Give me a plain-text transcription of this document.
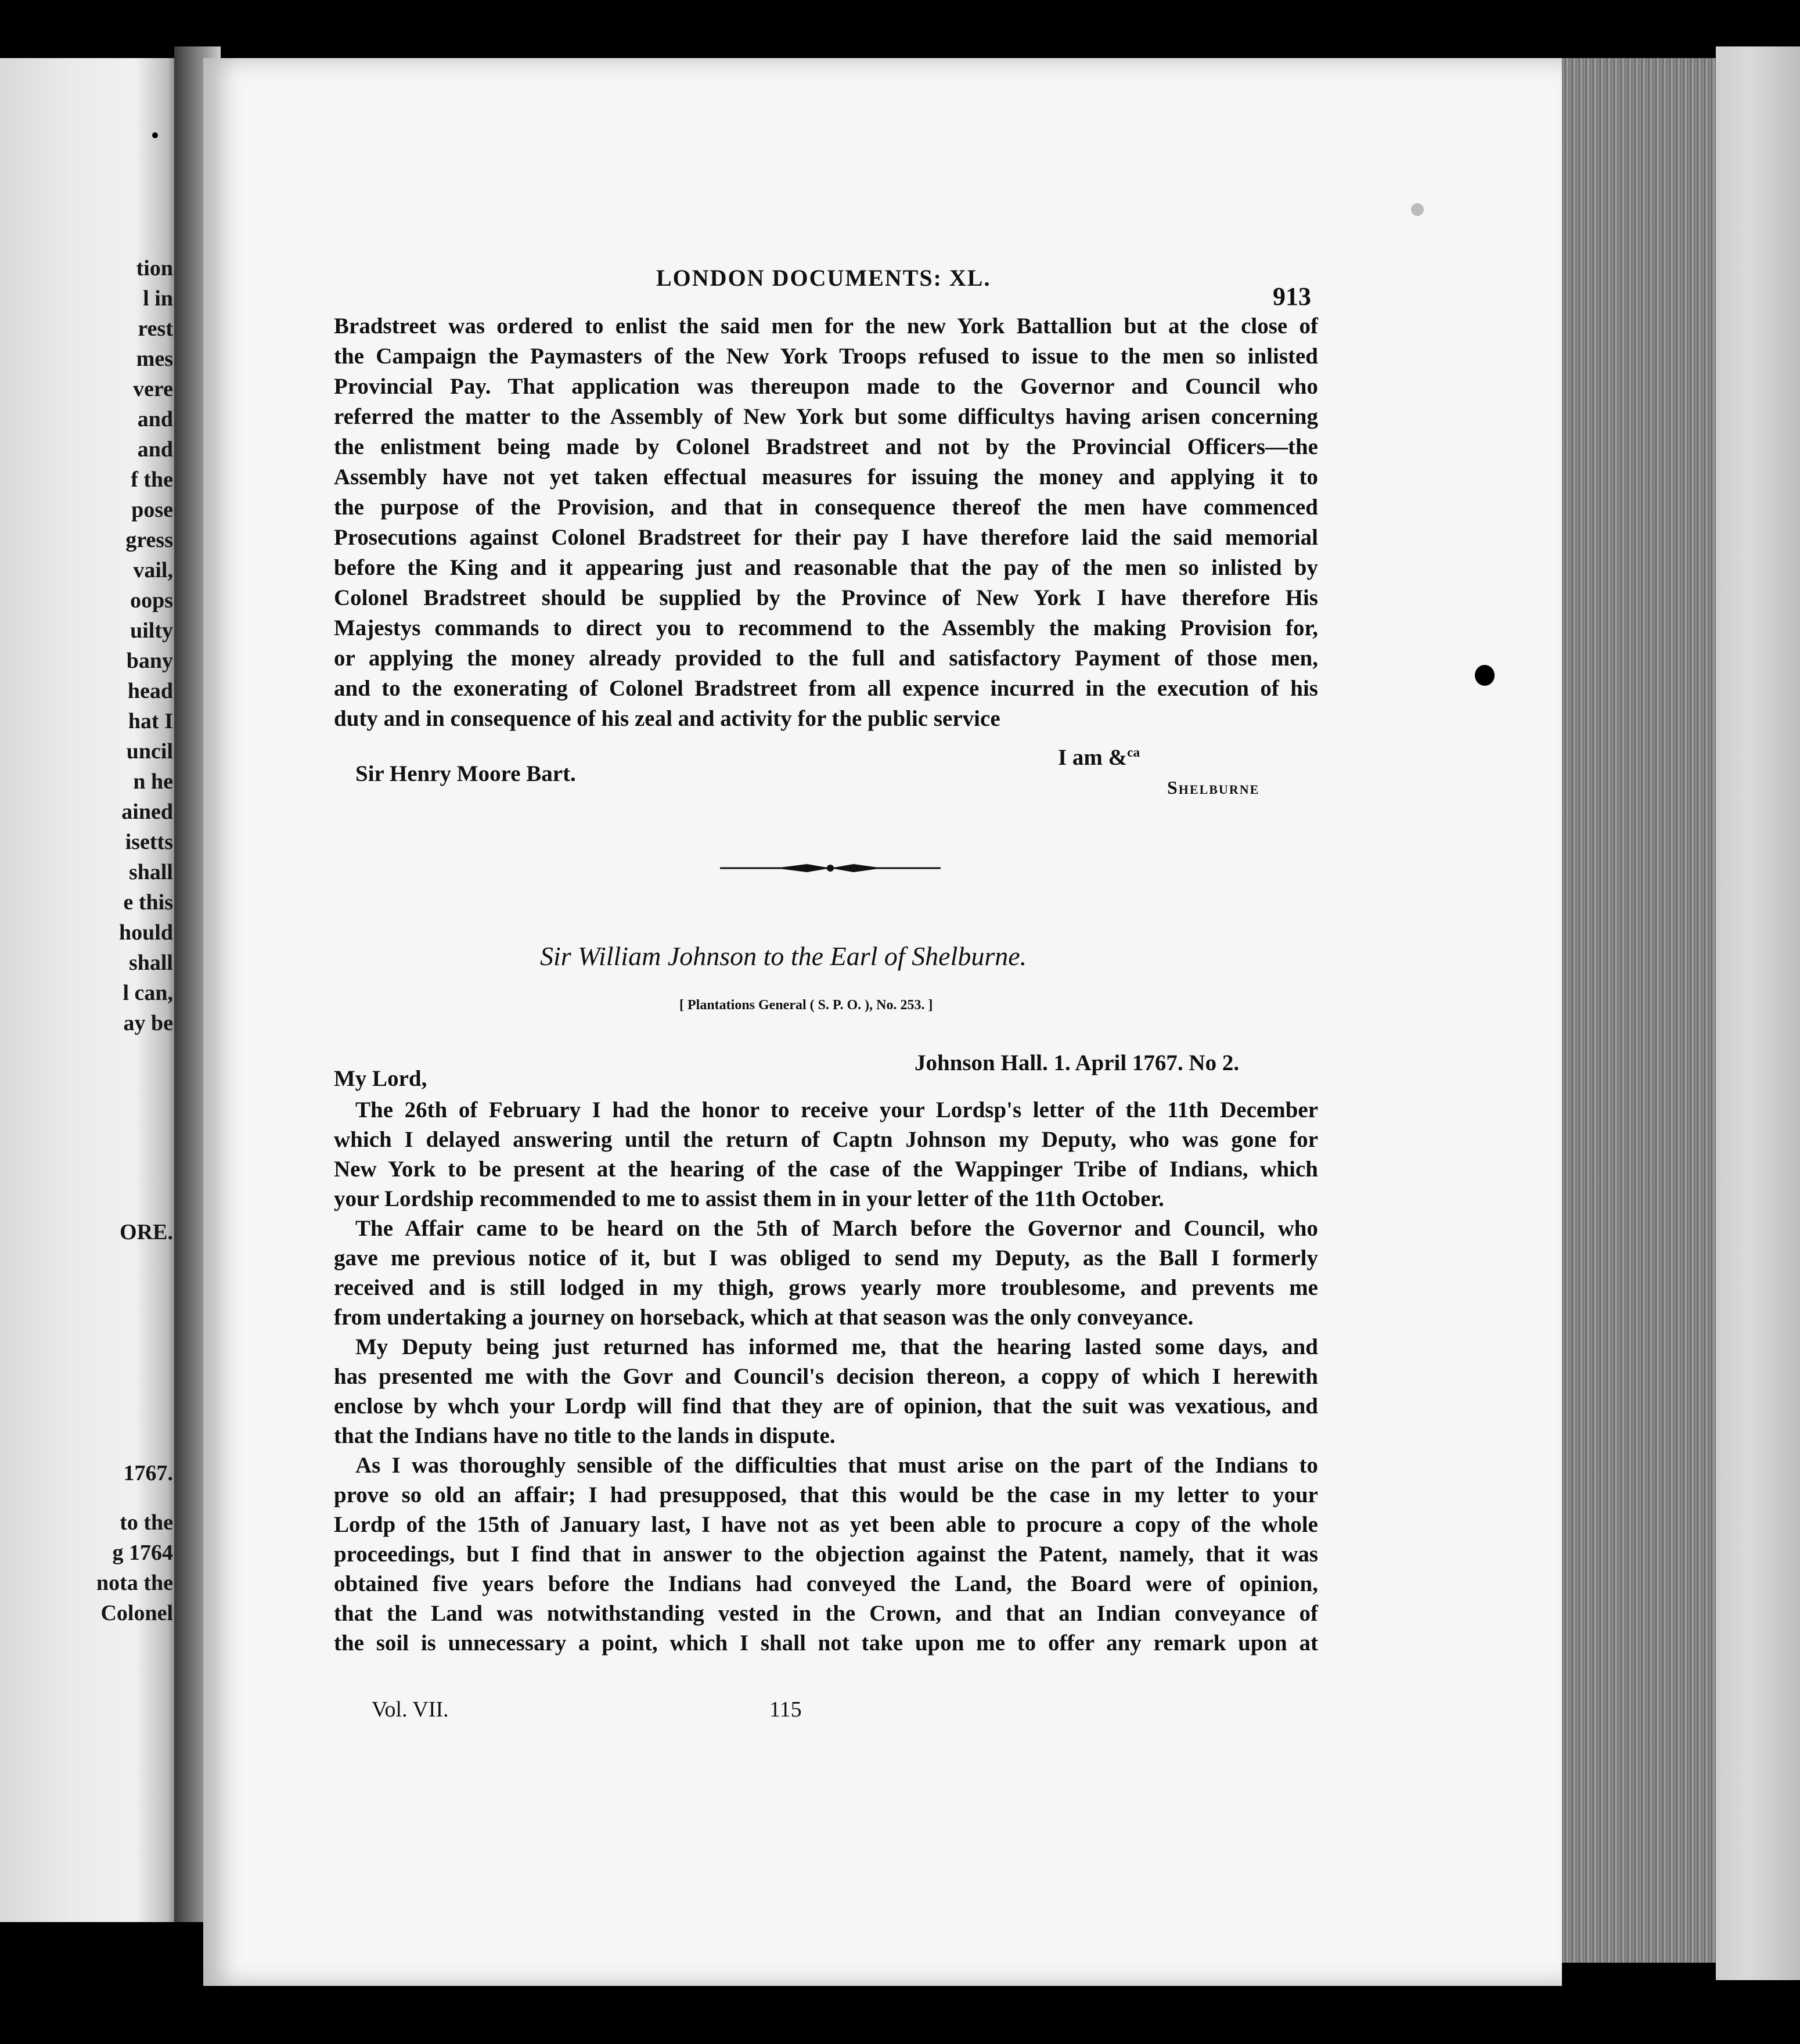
tion
l in
rest
mes
vere
and
and
f the
pose
gress
vail,
oops
uilty
bany
head
hat I
uncil
n he
ained
isetts
shall
e this
hould
shall
l can,
ay be
ORE.
1767.
to the
g 1764
nota the
Colonel
LONDON DOCUMENTS: XL.
913
Bradstreet was ordered to enlist the said men for the new York Battallion but at the close of
the Campaign the Paymasters of the New York Troops refused to issue to the men so inlisted
Provincial Pay. That application was thereupon made to the Governor and Council who
referred the matter to the Assembly of New York but some difficultys having arisen concerning
the enlistment being made by Colonel Bradstreet and not by the Provincial Officers—the
Assembly have not yet taken effectual measures for issuing the money and applying it to
the purpose of the Provision, and that in consequence thereof the men have commenced
Prosecutions against Colonel Bradstreet for their pay I have therefore laid the said memorial
before the King and it appearing just and reasonable that the pay of the men so inlisted by
Colonel Bradstreet should be supplied by the Province of New York I have therefore His
Majestys commands to direct you to recommend to the Assembly the making Provision for,
or applying the money already provided to the full and satisfactory Payment of those men,
and to the exonerating of Colonel Bradstreet from all expence incurred in the execution of his
duty and in consequence of his zeal and activity for the public service
I am &$^{ca}$
Sir Henry Moore Bart.
Shelburne
Sir William Johnson to the Earl of Shelburne.
[ Plantations General ( S. P. O. ), No. 253. ]
Johnson Hall. 1. April 1767. No 2.
My Lord,
The 26th of February I had the honor to receive your Lordsp's letter of the 11th December
which I delayed answering until the return of Captn Johnson my Deputy, who was gone for
New York to be present at the hearing of the case of the Wappinger Tribe of Indians, which
your Lordship recommended to me to assist them in in your letter of the 11th October.
The Affair came to be heard on the 5th of March before the Governor and Council, who
gave me previous notice of it, but I was obliged to send my Deputy, as the Ball I formerly
received and is still lodged in my thigh, grows yearly more troublesome, and prevents me
from undertaking a journey on horseback, which at that season was the only conveyance.
My Deputy being just returned has informed me, that the hearing lasted some days, and
has presented me with the Govr and Council's decision thereon, a coppy of which I herewith
enclose by whch your Lordp will find that they are of opinion, that the suit was vexatious, and
that the Indians have no title to the lands in dispute.
As I was thoroughly sensible of the difficulties that must arise on the part of the Indians to
prove so old an affair; I had presupposed, that this would be the case in my letter to your
Lordp of the 15th of January last, I have not as yet been able to procure a copy of the whole
proceedings, but I find that in answer to the objection against the Patent, namely, that it was
obtained five years before the Indians had conveyed the Land, the Board were of opinion,
that the Land was notwithstanding vested in the Crown, and that an Indian conveyance of
the soil is unnecessary a point, which I shall not take upon me to offer any remark upon at
Vol. VII.	115
